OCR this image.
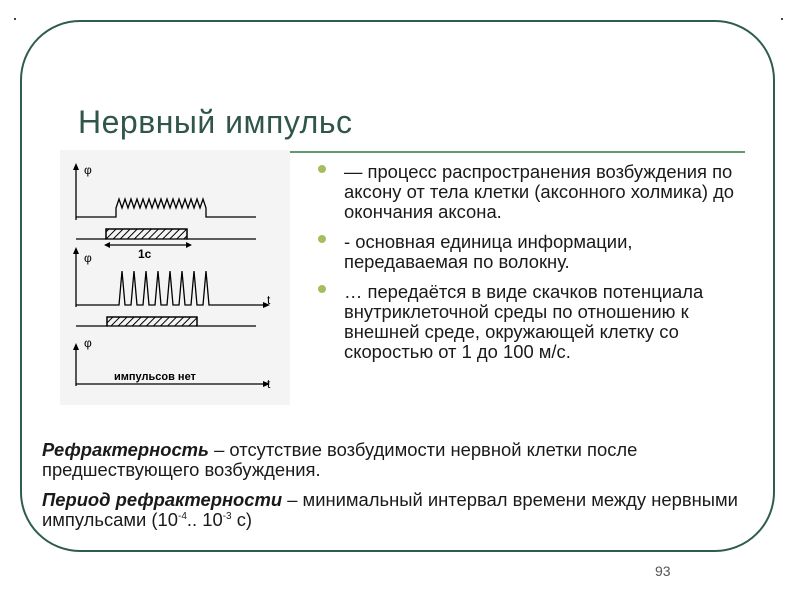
Нервный импульс
φ
1с
φ
t
φ
t
импульсов нет
— процесс распространения возбуждения по аксону от тела клетки (аксонного холмика) до окончания аксона.
- основная единица информации, передаваемая по волокну.
… передаётся в виде скачков потенциала внутриклеточной среды по отношению к внешней среде, окружающей клетку со скоростью от 1 до 100 м/с.

Рефрактерность – отсутствие возбудимости нервной клетки после предшествующего возбуждения.

Период рефрактерности – минимальный интервал времени между нервными импульсами ($10^{-4}$.. $10^{-3}$ с)

93
